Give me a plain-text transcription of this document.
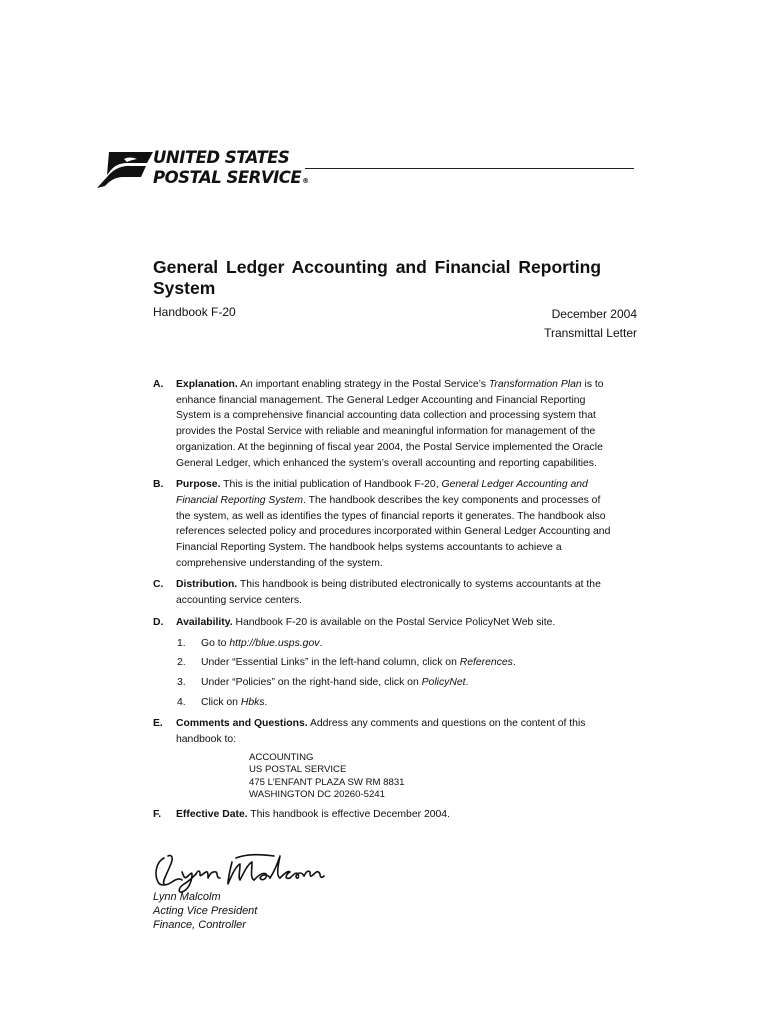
UNITED STATES
POSTAL SERVICE®
General Ledger Accounting and Financial Reporting System
Handbook F-20	December 2004
Transmittal Letter
A. Explanation. An important enabling strategy in the Postal Service’s Transformation Plan is to enhance financial management. The General Ledger Accounting and Financial Reporting System is a comprehensive financial accounting data collection and processing system that provides the Postal Service with reliable and meaningful information for management of the organization. At the beginning of fiscal year 2004, the Postal Service implemented the Oracle General Ledger, which enhanced the system’s overall accounting and reporting capabilities.
B. Purpose. This is the initial publication of Handbook F-20, General Ledger Accounting and Financial Reporting System. The handbook describes the key components and processes of the system, as well as identifies the types of financial reports it generates. The handbook also references selected policy and procedures incorporated within General Ledger Accounting and Financial Reporting System. The handbook helps systems accountants to achieve a comprehensive understanding of the system.
C. Distribution. This handbook is being distributed electronically to systems accountants at the accounting service centers.
D. Availability. Handbook F-20 is available on the Postal Service PolicyNet Web site.
1. Go to http://blue.usps.gov.
2. Under “Essential Links” in the left-hand column, click on References.
3. Under “Policies” on the right-hand side, click on PolicyNet.
4. Click on Hbks.
E. Comments and Questions. Address any comments and questions on the content of this handbook to:
ACCOUNTING
US POSTAL SERVICE
475 L’ENFANT PLAZA SW RM 8831
WASHINGTON DC 20260-5241
F. Effective Date. This handbook is effective December 2004.
Lynn Malcolm
Acting Vice President
Finance, Controller
